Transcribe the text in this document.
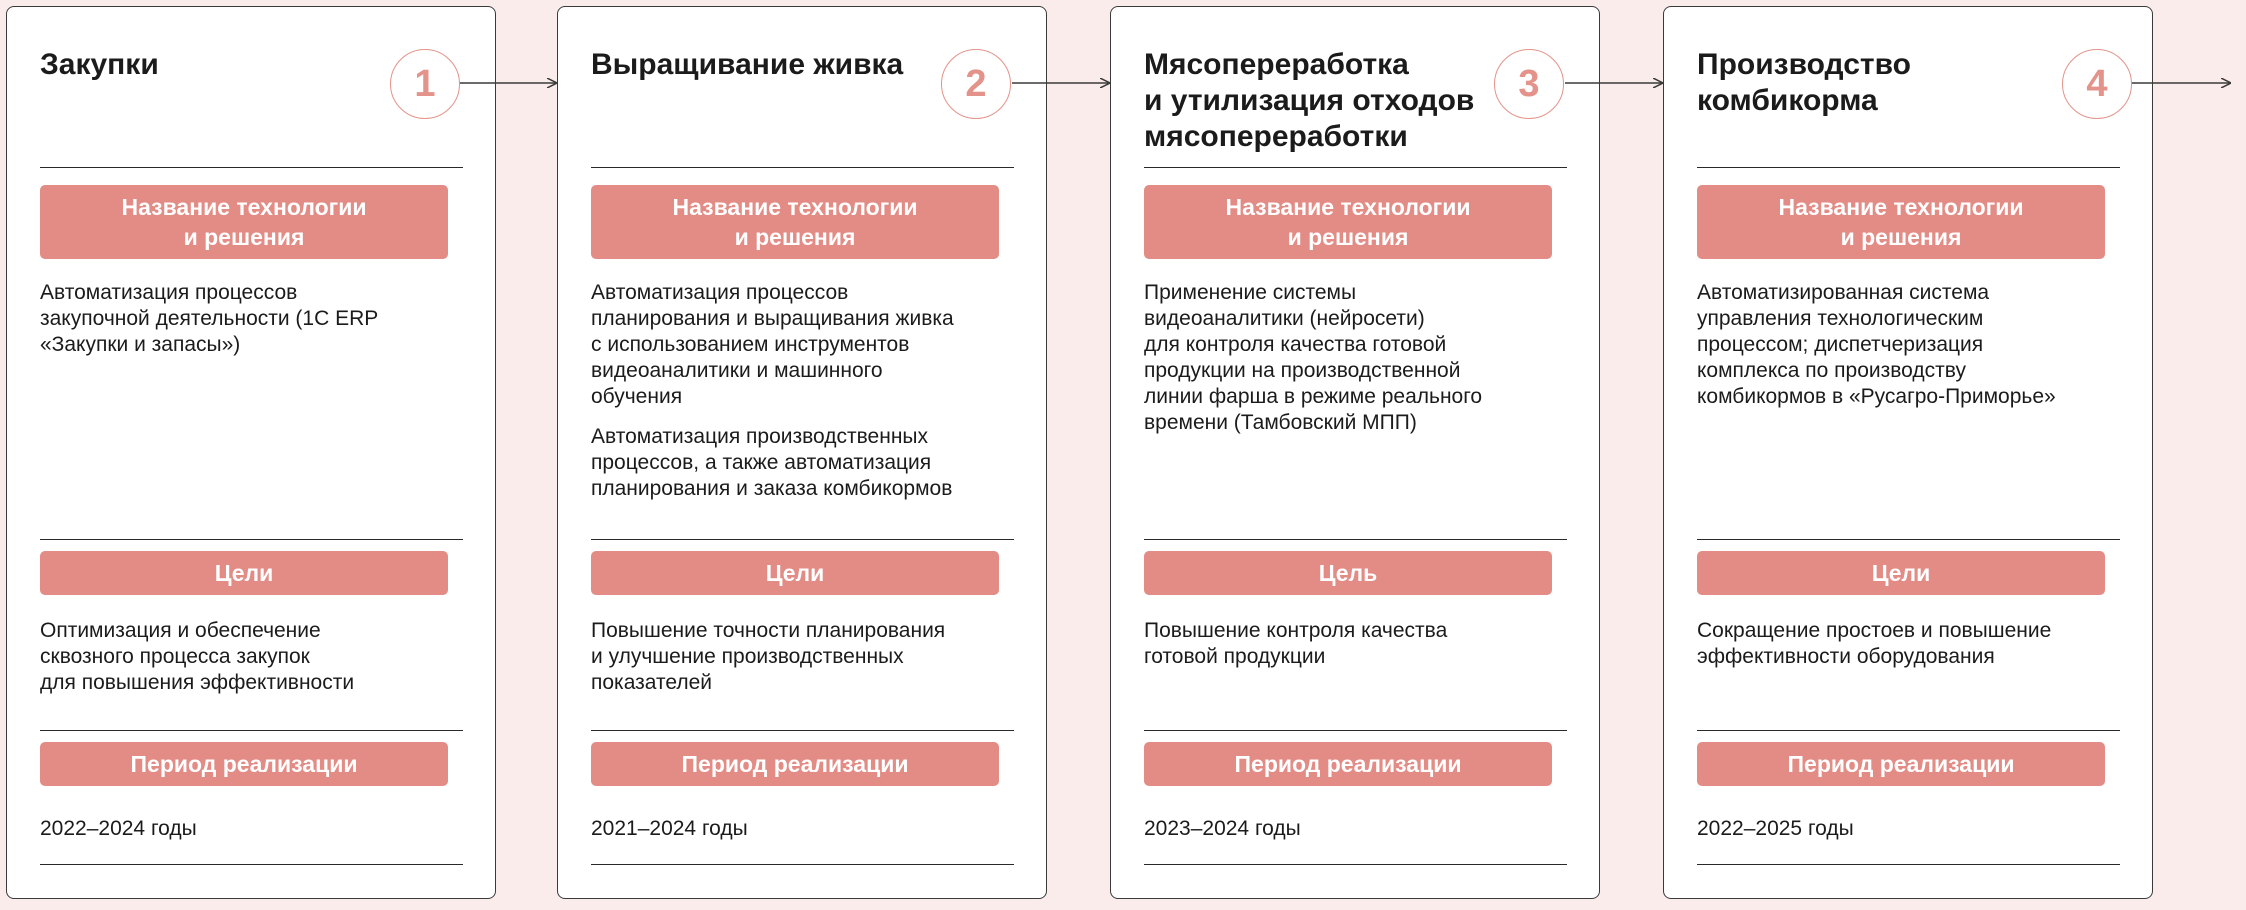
Закупки	1
Название технологии
и решения

Автоматизация процессов
закупочной деятельности (1С ERP
«Закупки и запасы»)

Цели

Оптимизация и обеспечение
сквозного процесса закупок
для повышения эффективности

Период реализации

2022–2024 годы

Выращивание живка	2
Название технологии
и решения

Автоматизация процессов
планирования и выращивания живка
с использованием инструментов
видеоаналитики и машинного
обучения

Автоматизация производственных
процессов, а также автоматизация
планирования и заказа комбикормов

Цели

Повышение точности планирования
и улучшение производственных
показателей

Период реализации

2021–2024 годы

Мясопереработка
и утилизация отходов
мясопереработки
3
Название технологии
и решения

Применение системы
видеоаналитики (нейросети)
для контроля качества готовой
продукции на производственной
линии фарша в режиме реального
времени (Тамбовский МПП)

Цель

Повышение контроля качества
готовой продукции

Период реализации

2023–2024 годы

Производство
комбикорма	4
Название технологии
и решения

Автоматизированная система
управления технологическим
процессом; диспетчеризация
комплекса по производству
комбикормов в «Русагро-Приморье»

Цели

Сокращение простоев и повышение
эффективности оборудования

Период реализации

2022–2025 годы
